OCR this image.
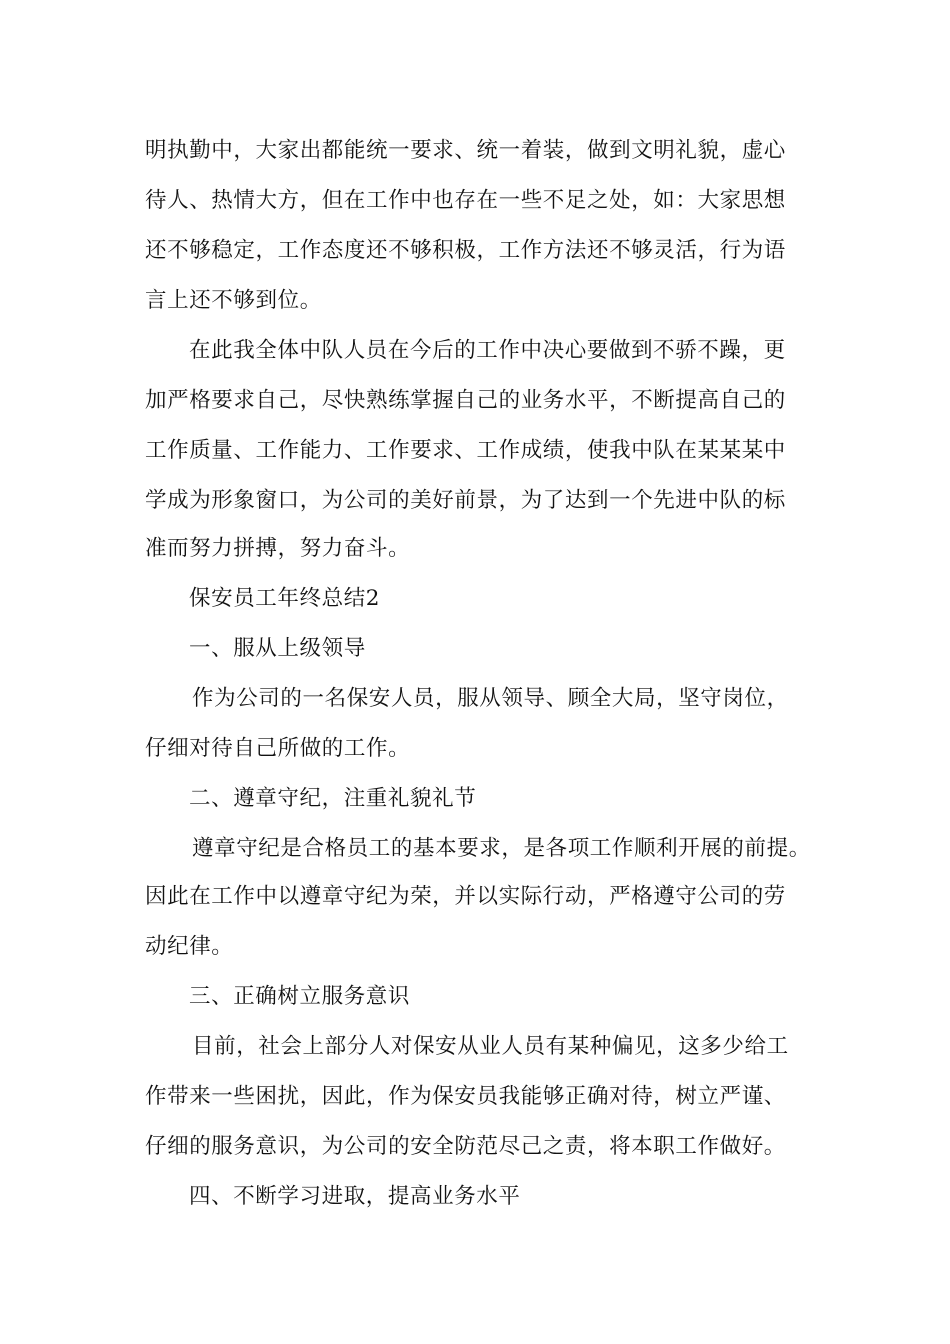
明执勤中，大家出都能统一要求、统一着装，做到文明礼貌，虚心

待人、热情大方，但在工作中也存在一些不足之处，如：大家思想

还不够稳定，工作态度还不够积极，工作方法还不够灵活，行为语

言上还不够到位。

在此我全体中队人员在今后的工作中决心要做到不骄不躁，更

加严格要求自己，尽快熟练掌握自己的业务水平，不断提高自己的

工作质量、工作能力、工作要求、工作成绩，使我中队在某某某中

学成为形象窗口，为公司的美好前景，为了达到一个先进中队的标

准而努力拼搏，努力奋斗。

保安员工年终总结2

一、服从上级领导

作为公司的一名保安人员，服从领导、顾全大局，坚守岗位，

仔细对待自己所做的工作。

二、遵章守纪，注重礼貌礼节

遵章守纪是合格员工的基本要求，是各项工作顺利开展的前提。

因此在工作中以遵章守纪为荣，并以实际行动，严格遵守公司的劳

动纪律。

三、正确树立服务意识

目前，社会上部分人对保安从业人员有某种偏见，这多少给工

作带来一些困扰，因此，作为保安员我能够正确对待，树立严谨、

仔细的服务意识，为公司的安全防范尽己之责，将本职工作做好。

四、不断学习进取，提高业务水平
